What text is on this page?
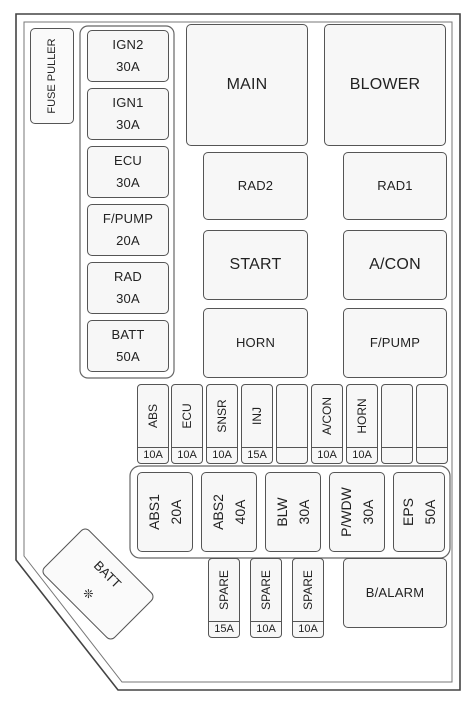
FUSE PULLER	IGN2
30A
IGN1
30A
ECU
30A
F/PUMP
20A
RAD
30A
BATT
50A
MAIN	BLOWER
RAD2	RAD1
START	A/CON
HORN	F/PUMP
ABS
10A
ECU
10A
SNSR
10A
INJ
15A
A/CON
10A
HORN
10A
ABS1 20A ABS2 40A BLW 30A P/WDW 30A EPS 50A
SPARE
15A
SPARE
10A
SPARE
10A
B/ALARM
BATT
❊
